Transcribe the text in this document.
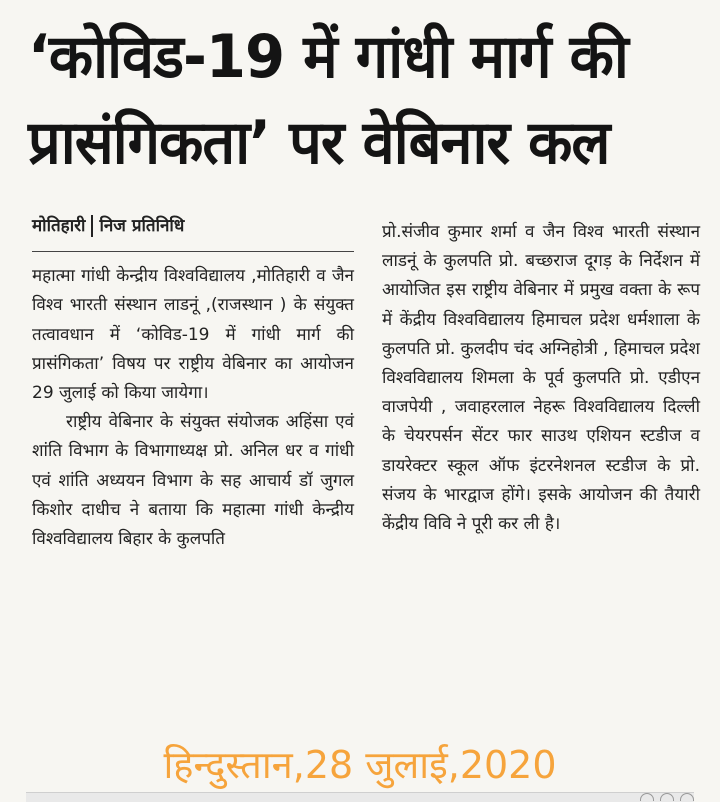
‘कोविड-19 में गांधी मार्ग की
प्रासंगिकता’ पर वेबिनार कल
मोतिहारी निज प्रतिनिधि

महात्मा गांधी केन्द्रीय विश्वविद्यालय ,मोतिहारी व जैन विश्व भारती संस्थान लाडनूं ,(राजस्थान ) के संयुक्त तत्वावधान में ‘कोविड-19 में गांधी मार्ग की प्रासंगिकता’ विषय पर राष्ट्रीय वेबिनार का आयोजन 29 जुलाई को किया जायेगा।

राष्ट्रीय वेबिनार के संयुक्त संयोजक अहिंसा एवं शांति विभाग के विभागाध्यक्ष प्रो. अनिल धर व गांधी एवं शांति अध्ययन विभाग के सह आचार्य डॉ जुगल किशोर दाधीच ने बताया कि महात्मा गांधी केन्द्रीय विश्वविद्यालय बिहार के कुलपति

प्रो.संजीव कुमार शर्मा व जैन विश्व भारती संस्थान लाडनूं के कुलपति प्रो. बच्छराज दूगड़ के निर्देशन में आयोजित इस राष्ट्रीय वेबिनार में प्रमुख वक्ता के रूप में केंद्रीय विश्वविद्यालय हिमाचल प्रदेश धर्मशाला के कुलपति प्रो. कुलदीप चंद अग्निहोत्री , हिमाचल प्रदेश विश्वविद्यालय शिमला के पूर्व कुलपति प्रो. एडीएन वाजपेयी , जवाहरलाल नेहरू विश्वविद्यालय दिल्ली के चेयरपर्सन सेंटर फार साउथ एशियन स्टडीज व डायरेक्टर स्कूल ऑफ इंटरनेशनल स्टडीज के प्रो. संजय के भारद्वाज होंगे। इसके आयोजन की तैयारी केंद्रीय विवि ने पूरी कर ली है।

हिन्दुस्तान,28 जुलाई,2020
